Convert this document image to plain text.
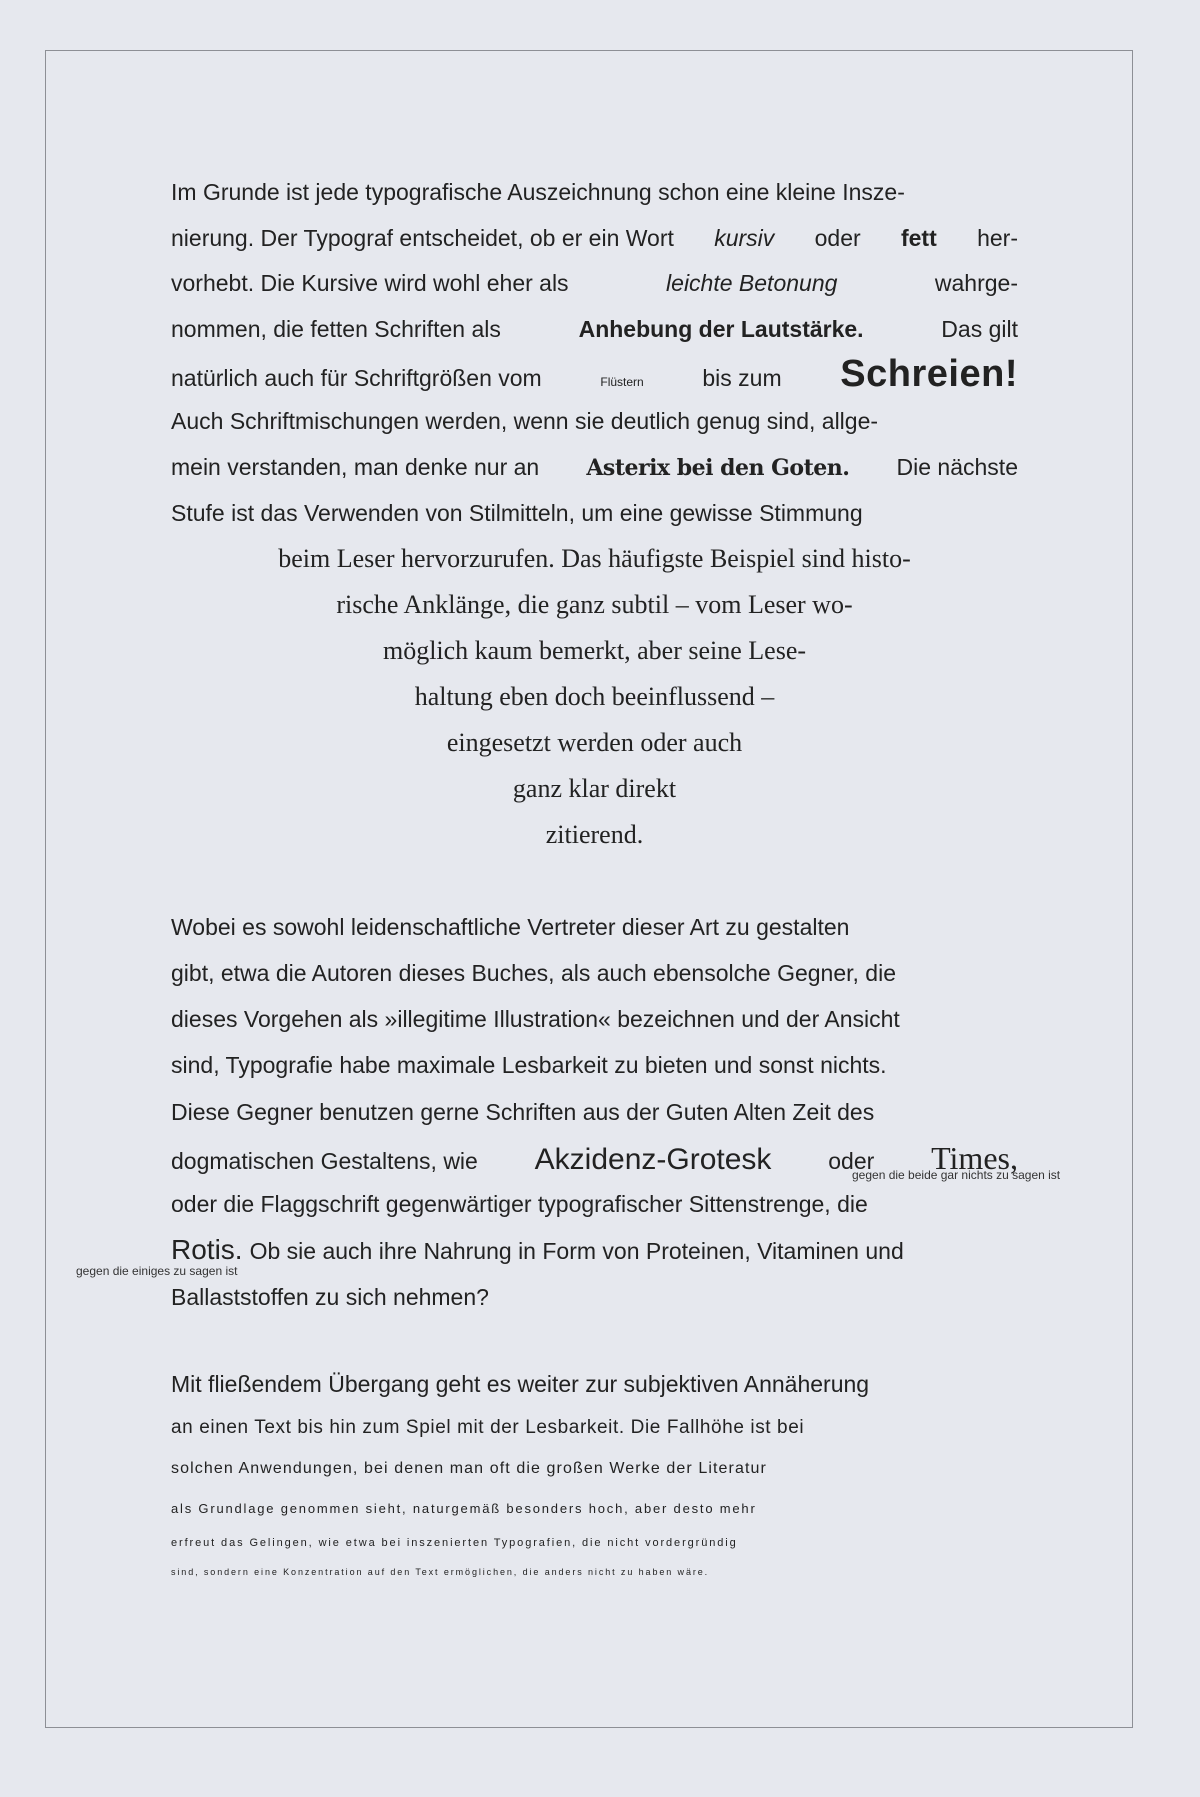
Im Grunde ist jede typografische Auszeichnung schon eine kleine Insze-
nierung. Der Typograf entscheidet, ob er ein Wort kursiv oder fett her-
vorhebt. Die Kursive wird wohl eher als	leichte Betonung	wahrge-
nommen, die fetten Schriften als	Anhebung der Lautstärke.	Das gilt
natürlich auch für Schriftgrößen vom	Flüstern	bis zum Schreien!
Auch Schriftmischungen werden, wenn sie deutlich genug sind, allge-
mein verstanden, man denke nur an Asterix bei den Goten. Die nächste
Stufe ist das Verwenden von Stilmitteln, um eine gewisse Stimmung
beim Leser hervorzurufen. Das häufigste Beispiel sind histo-
rische Anklänge, die ganz subtil – vom Leser wo-
möglich kaum bemerkt, aber seine Lese-
haltung eben doch beeinflussend –
eingesetzt werden oder auch
ganz klar direkt
zitierend.
Wobei es sowohl leidenschaftliche Vertreter dieser Art zu gestalten
gibt, etwa die Autoren dieses Buches, als auch ebensolche Gegner, die
dieses Vorgehen als »illegitime Illustration« bezeichnen und der Ansicht
sind, Typografie habe maximale Lesbarkeit zu bieten und sonst nichts.
Diese Gegner benutzen gerne Schriften aus der Guten Alten Zeit des
dogmatischen Gestaltens, wie Akzidenz-Grotesk oder Times,
gegen die beide gar nichts zu sagen ist
oder die Flaggschrift gegenwärtiger typografischer Sittenstrenge, die
Rotis. Ob sie auch ihre Nahrung in Form von Proteinen, Vitaminen und
gegen die einiges zu sagen ist
Ballaststoffen zu sich nehmen?
Mit fließendem Übergang geht es weiter zur subjektiven Annäherung
an einen Text bis hin zum Spiel mit der Lesbarkeit. Die Fallhöhe ist bei
solchen Anwendungen, bei denen man oft die großen Werke der Literatur
als Grundlage genommen sieht, naturgemäß besonders hoch, aber desto mehr
erfreut das Gelingen, wie etwa bei inszenierten Typografien, die nicht vordergründig
sind, sondern eine Konzentration auf den Text ermöglichen, die anders nicht zu haben wäre.
